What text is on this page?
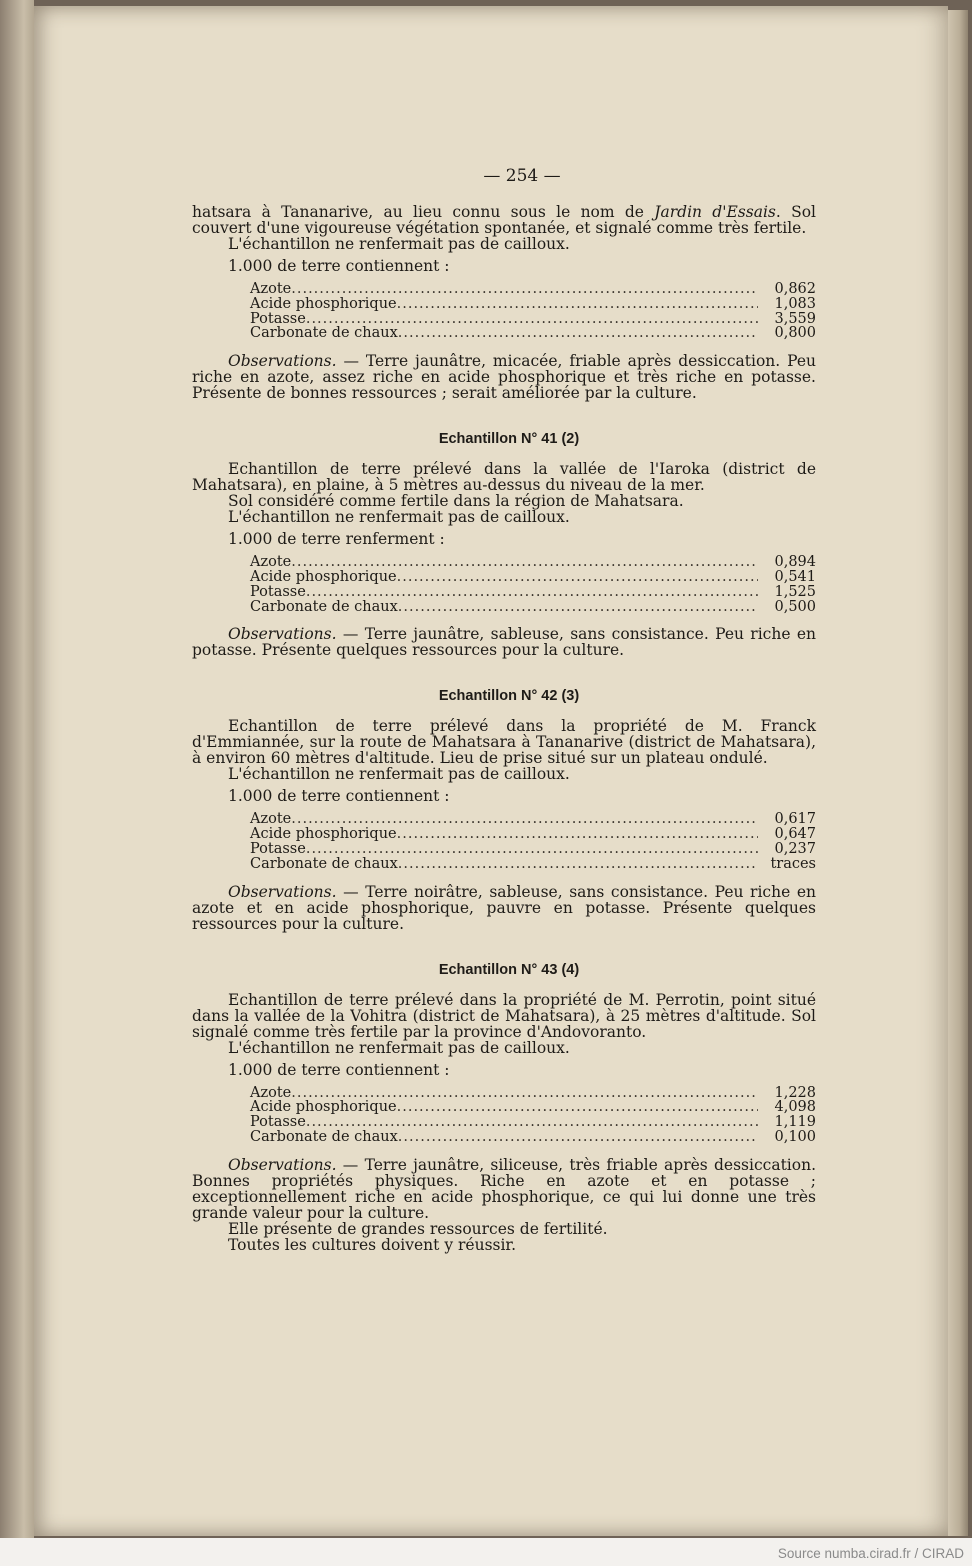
— 254 —

hatsara à Tananarive, au lieu connu sous le nom de Jardin d'Essais. Sol couvert d'une vigoureuse végétation spontanée, et signalé comme très fertile.

L'échantillon ne renfermait pas de cailloux.

1.000 de terre contiennent :

Azote .....	0,862
Acide phosphorique .....	1,083
Potasse .....	3,559
Carbonate de chaux .....	0,800

Observations. — Terre jaunâtre, micacée, friable après dessiccation. Peu riche en azote, assez riche en acide phosphorique et très riche en potasse. Présente de bonnes ressources ; serait améliorée par la culture.

Echantillon N° 41 (2)

Echantillon de terre prélevé dans la vallée de l'Iaroka (district de Mahatsara), en plaine, à 5 mètres au-dessus du niveau de la mer.

Sol considéré comme fertile dans la région de Mahatsara.

L'échantillon ne renfermait pas de cailloux.

1.000 de terre renferment :

Azote .....	0,894
Acide phosphorique .....	0,541
Potasse .....	1,525
Carbonate de chaux .....	0,500

Observations. — Terre jaunâtre, sableuse, sans consistance. Peu riche en potasse. Présente quelques ressources pour la culture.

Echantillon N° 42 (3)

Echantillon de terre prélevé dans la propriété de M. Franck d'Emmiannée, sur la route de Mahatsara à Tananarive (district de Mahatsara), à environ 60 mètres d'altitude. Lieu de prise situé sur un plateau ondulé.

L'échantillon ne renfermait pas de cailloux.

1.000 de terre contiennent :

Azote .....	0,617
Acide phosphorique .....	0,647
Potasse .....	0,237
Carbonate de chaux .....	traces

Observations. — Terre noirâtre, sableuse, sans consistance. Peu riche en azote et en acide phosphorique, pauvre en potasse. Présente quelques ressources pour la culture.

Echantillon N° 43 (4)

Echantillon de terre prélevé dans la propriété de M. Perrotin, point situé dans la vallée de la Vohitra (district de Mahatsara), à 25 mètres d'altitude. Sol signalé comme très fertile par la province d'Andovoranto.

L'échantillon ne renfermait pas de cailloux.

1.000 de terre contiennent :

Azote .....	1,228
Acide phosphorique .....	4,098
Potasse .....	1,119
Carbonate de chaux .....	0,100

Observations. — Terre jaunâtre, siliceuse, très friable après dessiccation. Bonnes propriétés physiques. Riche en azote et en potasse ; exceptionnellement riche en acide phosphorique, ce qui lui donne une très grande valeur pour la culture.

Elle présente de grandes ressources de fertilité.

Toutes les cultures doivent y réussir.

Source numba.cirad.fr / CIRAD
